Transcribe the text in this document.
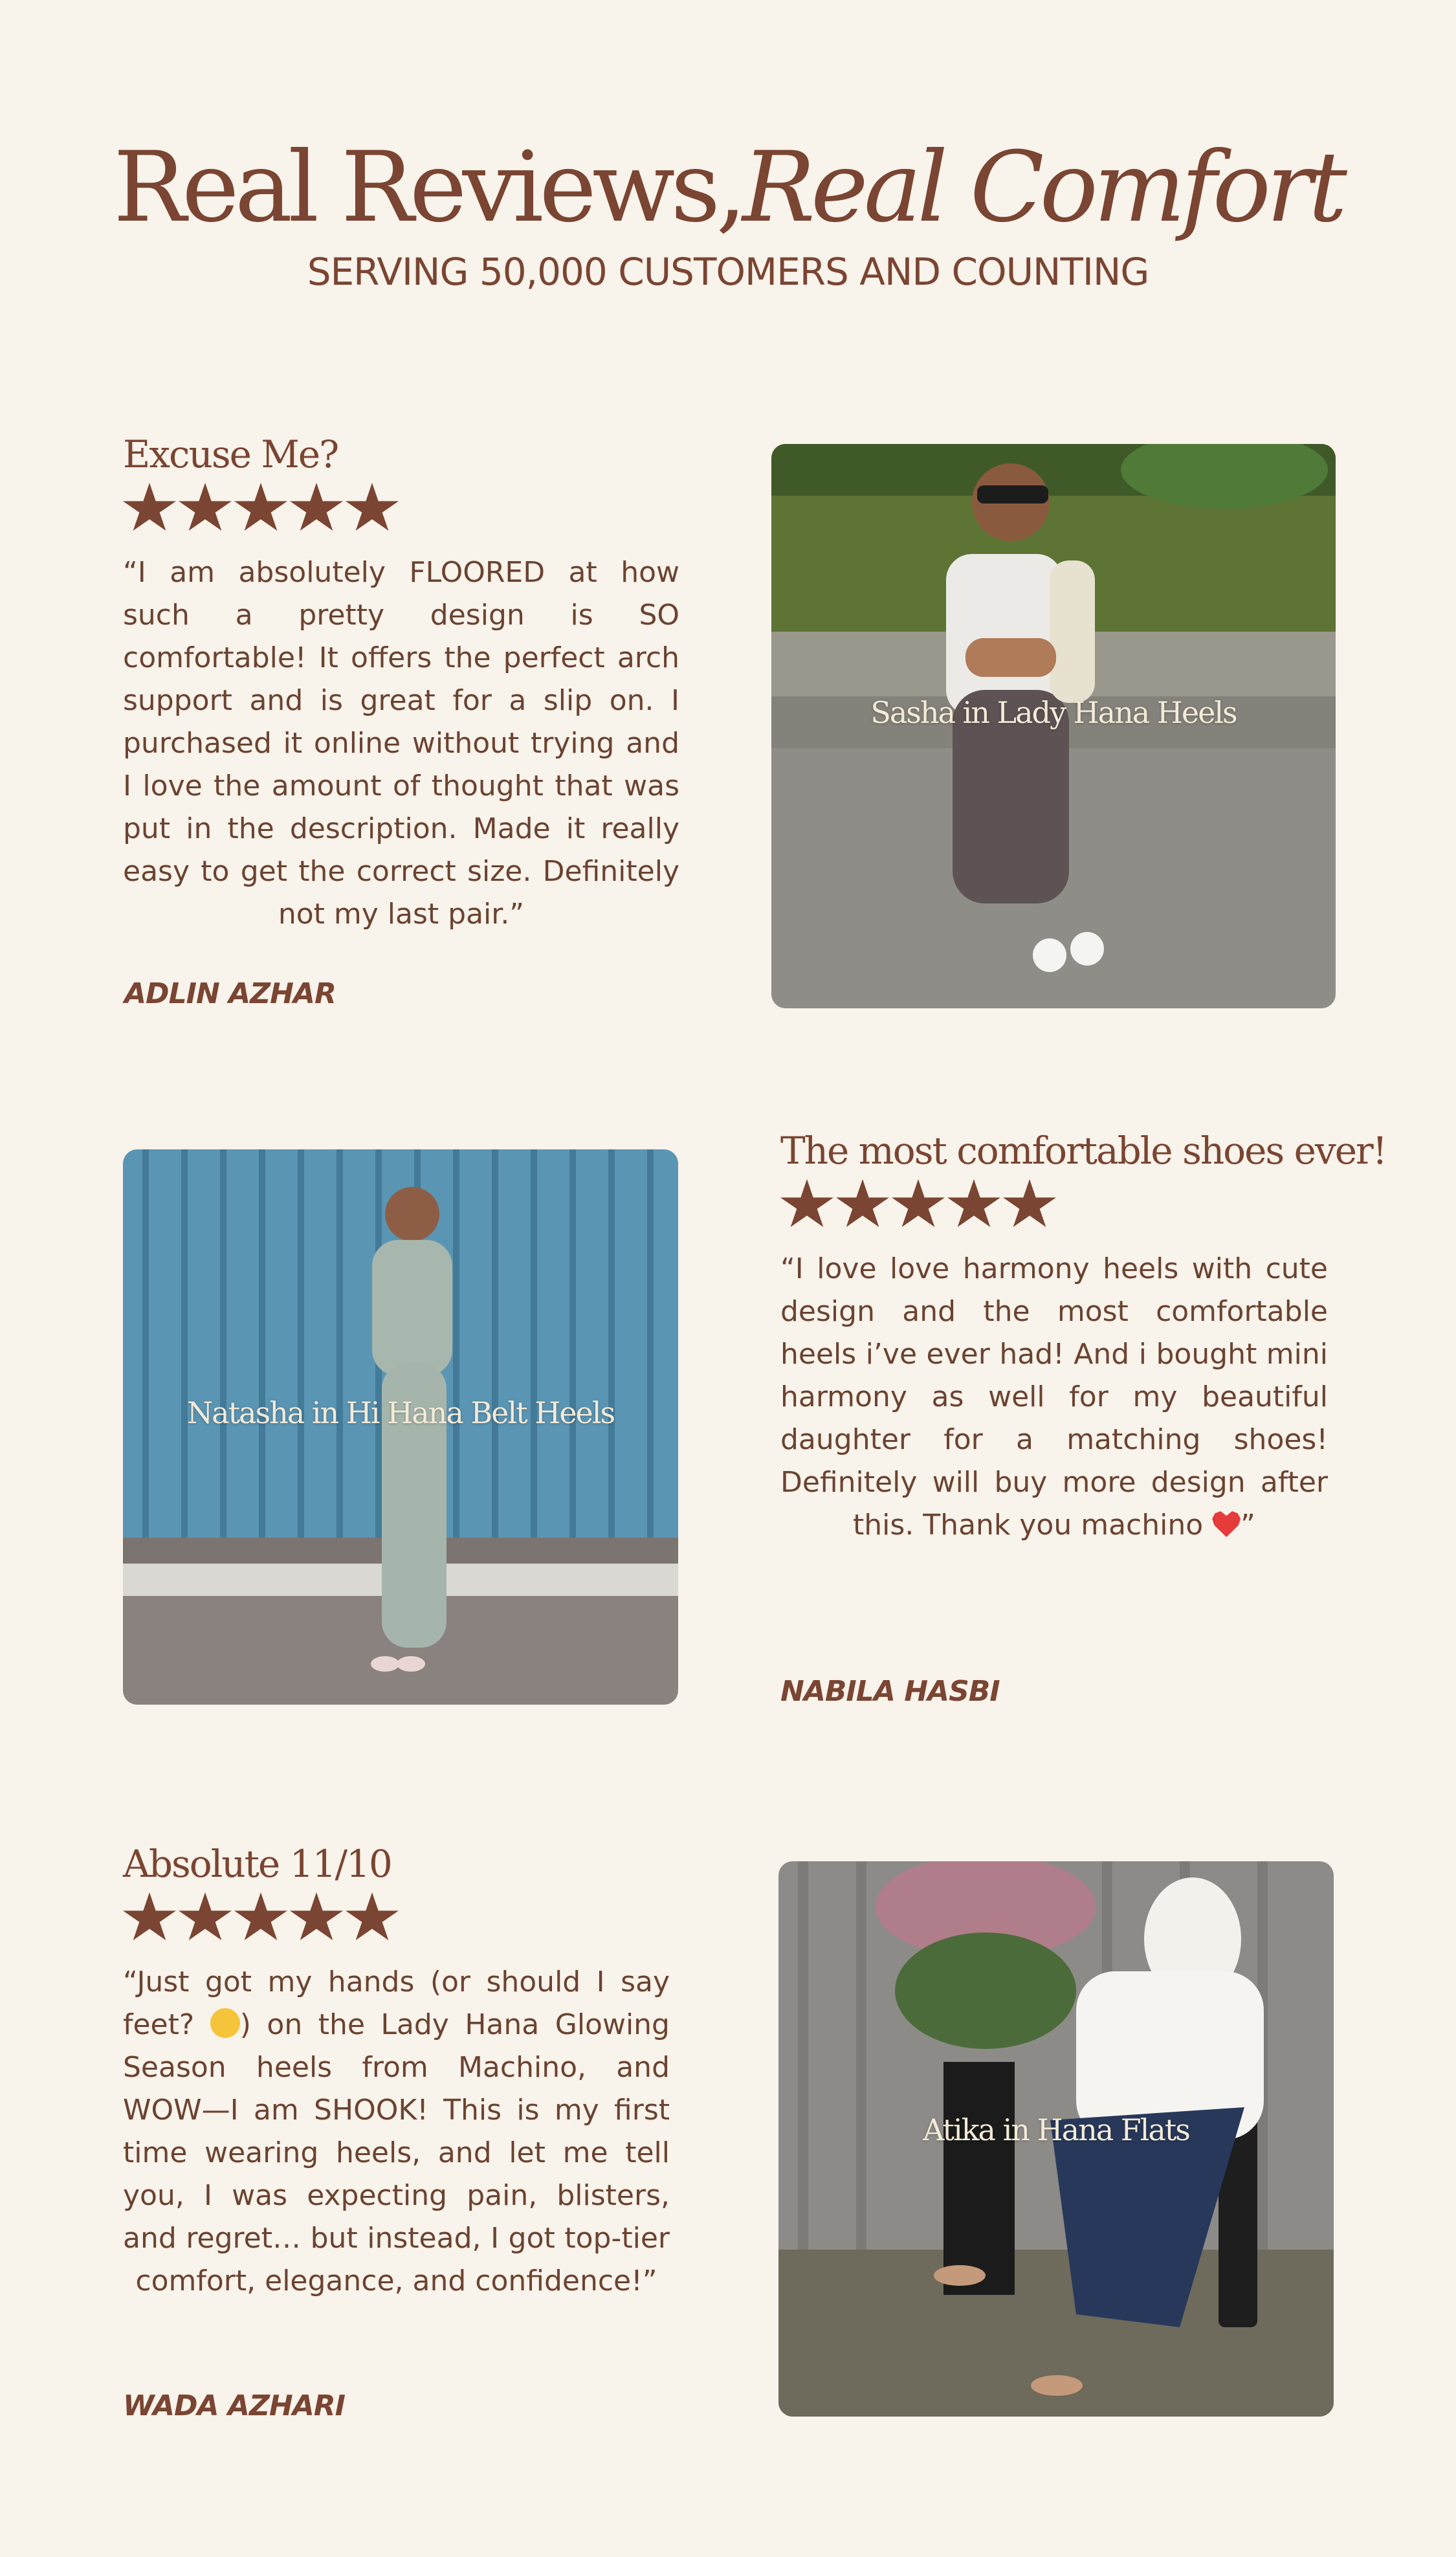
Real Reviews,Real Comfort
SERVING 50,000 CUSTOMERS AND COUNTING
Excuse Me?
“I am absolutely FLOORED at how such a pretty design is SO comfortable! It offers the perfect arch support and is great for a slip on. I purchased it online without trying and I love the amount of thought that was put in the description. Made it really easy to get the correct size. Definitely not my last pair.”
ADLIN AZHAR
Sasha in Lady Hana Heels
Natasha in Hi Hana Belt Heels
The most comfortable shoes ever!
“I love love harmony heels with cute design and the most comfortable heels i’ve ever had! And i bought mini harmony as well for my beautiful daughter for a matching shoes! Definitely will buy more design after this. Thank you machino ”
NABILA HASBI
Absolute 11/10
“Just got my hands (or should I say feet? ) on the Lady Hana Glowing Season heels from Machino, and WOW—I am SHOOK! This is my first time wearing heels, and let me tell you, I was expecting pain, blisters, and regret… but instead, I got top-tier comfort, elegance, and confidence!”
WADA AZHARI
Atika in Hana Flats
